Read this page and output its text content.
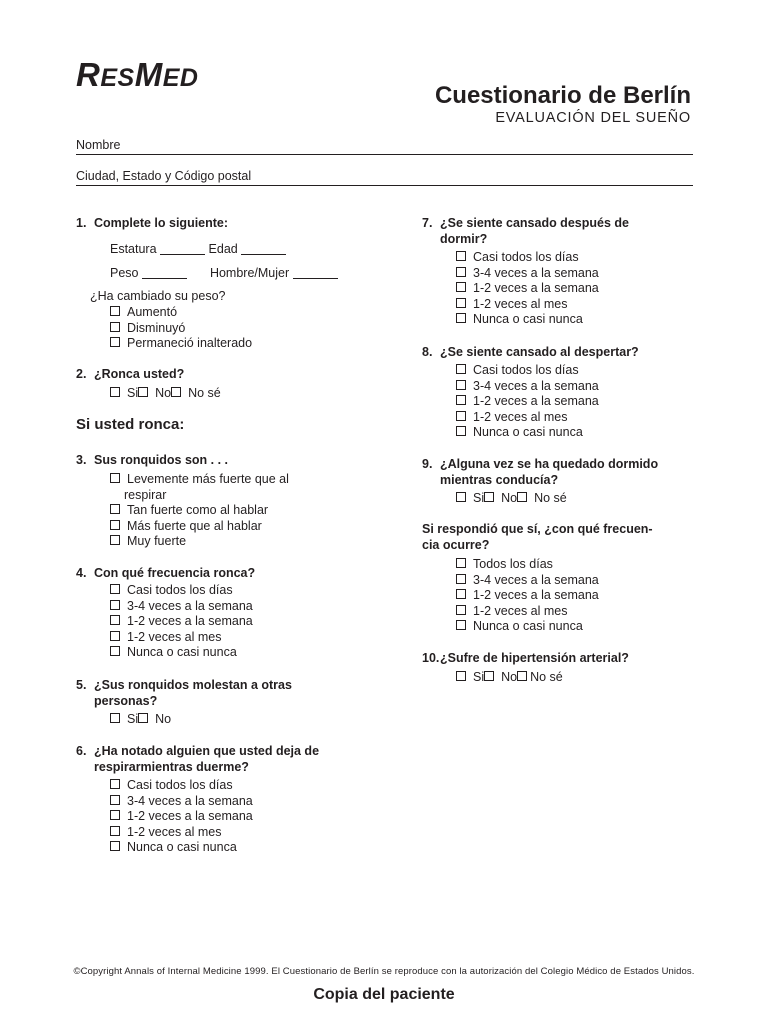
RESMED
Cuestionario de Berlín
EVALUACIÓN DEL SUEÑO
Nombre
Ciudad, Estado y Código postal
1. Complete lo siguiente:
Estatura	Edad
Peso	Hombre/Mujer
¿Ha cambiado su peso?
Aumentó
Disminuyó
Permaneció inalterado
2. ¿Ronca usted?
Si No No sé
Si usted ronca:
3. Sus ronquidos son . . .
Levemente más fuerte que al
respirar
Tan fuerte como al hablar
Más fuerte que al hablar
Muy fuerte
4. Con qué frecuencia ronca?
Casi todos los días
3-4 veces a la semana
1-2 veces a la semana
1-2 veces al mes
Nunca o casi nunca
5. ¿Sus ronquidos molestan a otras
personas?
Si No
6. ¿Ha notado alguien que usted deja de
respirarmientras duerme?
Casi todos los días
3-4 veces a la semana
1-2 veces a la semana
1-2 veces al mes
Nunca o casi nunca
7. ¿Se siente cansado después de
dormir?
Casi todos los días
3-4 veces a la semana
1-2 veces a la semana
1-2 veces al mes
Nunca o casi nunca
8. ¿Se siente cansado al despertar?
Casi todos los días
3-4 veces a la semana
1-2 veces a la semana
1-2 veces al mes
Nunca o casi nunca
9. ¿Alguna vez se ha quedado dormido
mientras conducía?
Si No No sé
Si respondió que sí, ¿con qué frecuen-
cia ocurre?
Todos los días
3-4 veces a la semana
1-2 veces a la semana
1-2 veces al mes
Nunca o casi nunca
10.¿Sufre de hipertensión arterial?
Si No No sé
©Copyright Annals of Internal Medicine 1999. El Cuestionario de Berlín se reproduce con la autorización del Colegio Médico de Estados Unidos.
Copia del paciente
